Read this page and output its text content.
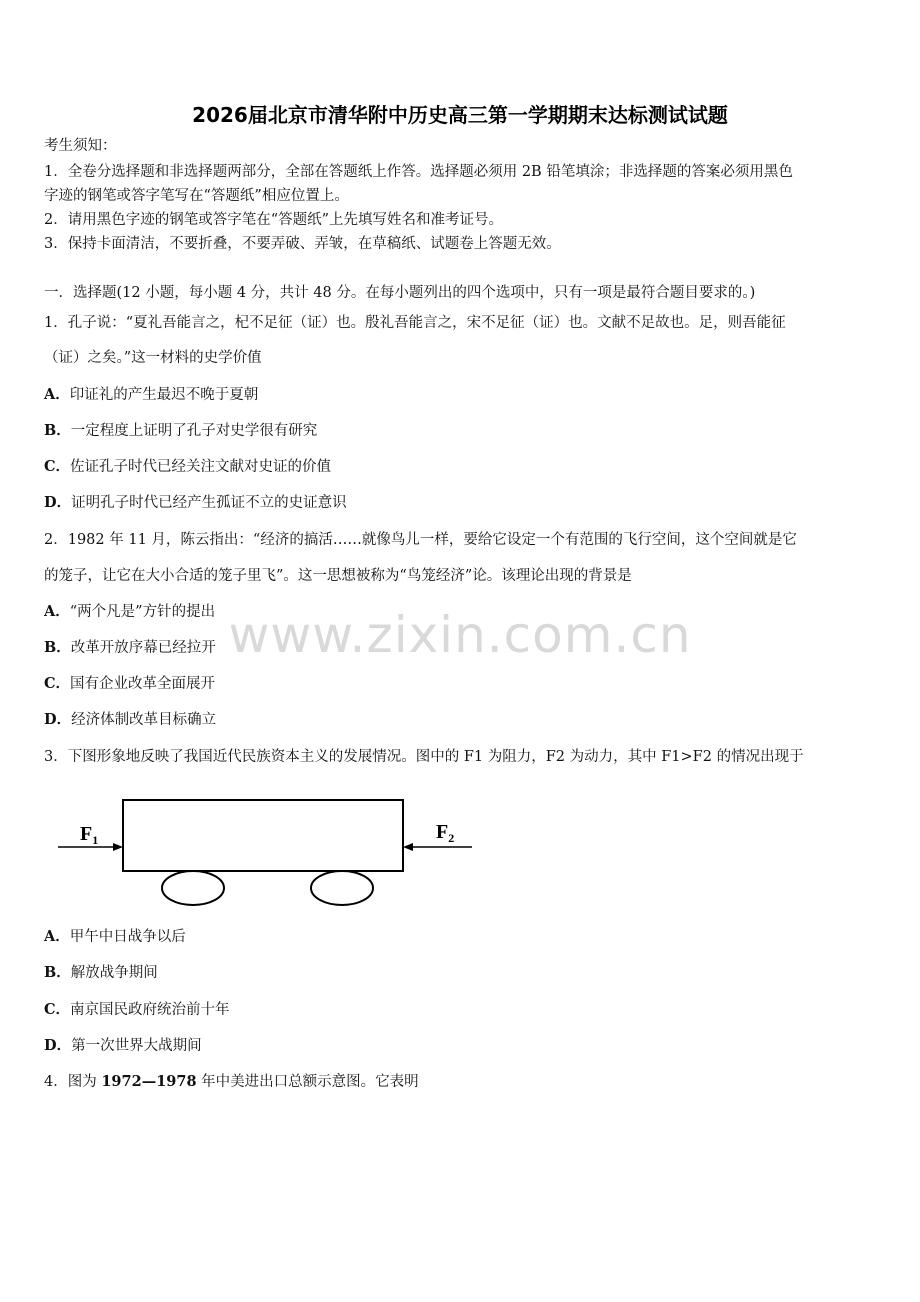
2026届北京市清华附中历史高三第一学期期末达标测试试题
考生须知：
1．全卷分选择题和非选择题两部分，全部在答题纸上作答。选择题必须用 2B 铅笔填涂；非选择题的答案必须用黑色
字迹的钢笔或答字笔写在“答题纸”相应位置上。
2．请用黑色字迹的钢笔或答字笔在“答题纸”上先填写姓名和准考证号。
3．保持卡面清洁，不要折叠，不要弄破、弄皱，在草稿纸、试题卷上答题无效。
一．选择题(12 小题，每小题 4 分，共计 48 分。在每小题列出的四个选项中，只有一项是最符合题目要求的。)
1．孔子说：“夏礼吾能言之，杞不足征（证）也。殷礼吾能言之，宋不足征（证）也。文献不足故也。足，则吾能征
（证）之矣。”这一材料的史学价值
A．印证礼的产生最迟不晚于夏朝
B．一定程度上证明了孔子对史学很有研究
C．佐证孔子时代已经关注文献对史证的价值
D．证明孔子时代已经产生孤证不立的史证意识
2．1982 年 11 月，陈云指出：“经济的搞活……就像鸟儿一样，要给它设定一个有范围的飞行空间，这个空间就是它
的笼子，让它在大小合适的笼子里飞”。这一思想被称为“鸟笼经济”论。该理论出现的背景是
A．“两个凡是”方针的提出
B．改革开放序幕已经拉开
C．国有企业改革全面展开
D．经济体制改革目标确立
3．下图形象地反映了我国近代民族资本主义的发展情况。图中的 F1 为阻力，F2 为动力，其中 F1>F2 的情况出现于
$F_1$	$F_2$
A．甲午中日战争以后
B．解放战争期间
C．南京国民政府统治前十年
D．第一次世界大战期间
4．图为 1972—1978 年中美进出口总额示意图。它表明
www.zixin.com.cn
